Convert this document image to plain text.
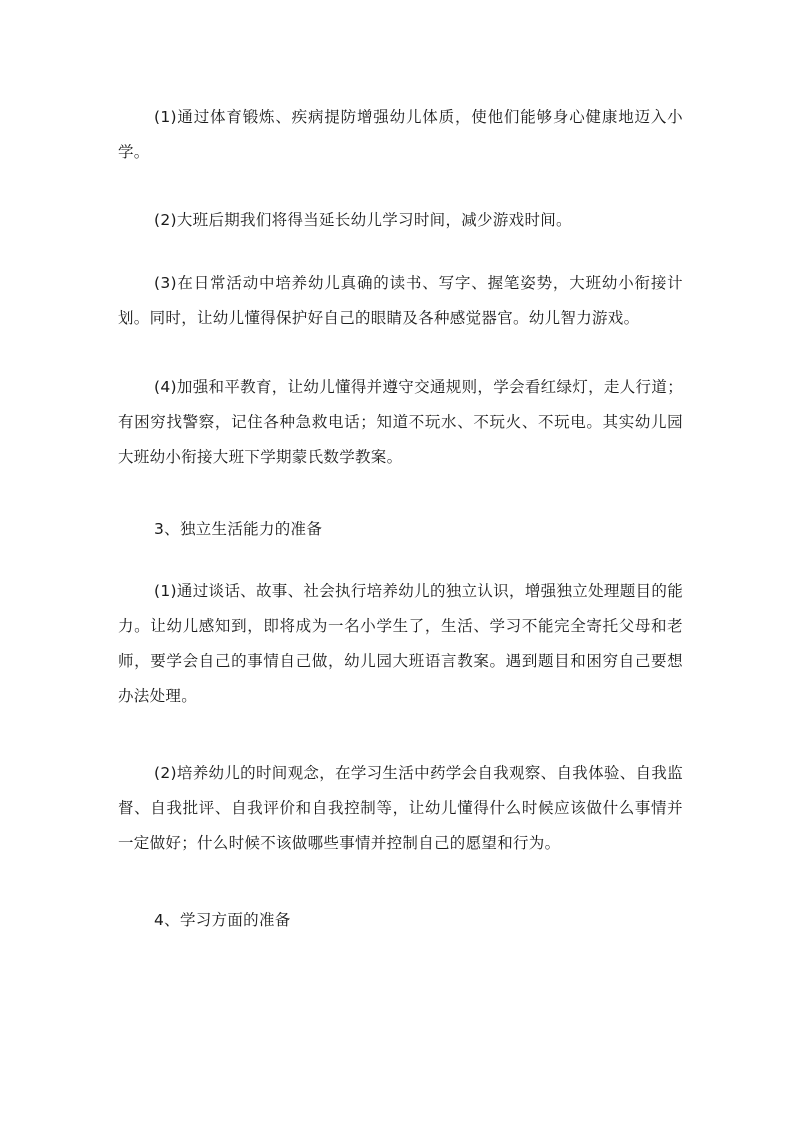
(1)通过体育锻炼、疾病提防增强幼儿体质，使他们能够身心健康地迈入小学。

(2)大班后期我们将得当延长幼儿学习时间，减少游戏时间。

(3)在日常活动中培养幼儿真确的读书、写字、握笔姿势，大班幼小衔接计划。同时，让幼儿懂得保护好自己的眼睛及各种感觉器官。幼儿智力游戏。

(4)加强和平教育，让幼儿懂得并遵守交通规则，学会看红绿灯，走人行道；有困穷找警察，记住各种急救电话；知道不玩水、不玩火、不玩电。其实幼儿园大班幼小衔接大班下学期蒙氏数学教案。

3、独立生活能力的准备

(1)通过谈话、故事、社会执行培养幼儿的独立认识，增强独立处理题目的能力。让幼儿感知到，即将成为一名小学生了，生活、学习不能完全寄托父母和老师，要学会自己的事情自己做，幼儿园大班语言教案。遇到题目和困穷自己要想办法处理。

(2)培养幼儿的时间观念，在学习生活中药学会自我观察、自我体验、自我监督、自我批评、自我评价和自我控制等，让幼儿懂得什么时候应该做什么事情并一定做好；什么时候不该做哪些事情并控制自己的愿望和行为。

4、学习方面的准备
